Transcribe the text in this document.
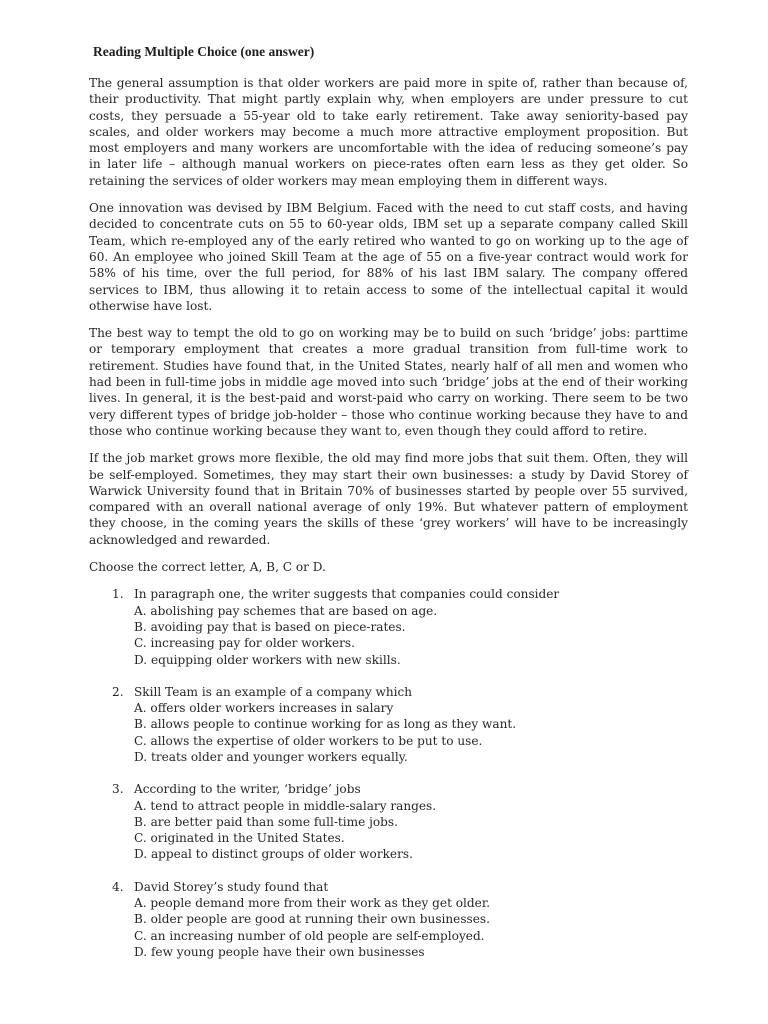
Reading Multiple Choice (one answer)

The general assumption is that older workers are paid more in spite of, rather than because of, their productivity. That might partly explain why, when employers are under pressure to cut costs, they persuade a 55-year old to take early retirement. Take away seniority-based pay scales, and older workers may become a much more attractive employment proposition. But most employers and many workers are uncomfortable with the idea of reducing someone’s pay in later life – although manual workers on piece-rates often earn less as they get older. So retaining the services of older workers may mean employing them in different ways.

One innovation was devised by IBM Belgium. Faced with the need to cut staff costs, and having decided to concentrate cuts on 55 to 60-year olds, IBM set up a separate company called Skill Team, which re-employed any of the early retired who wanted to go on working up to the age of 60. An employee who joined Skill Team at the age of 55 on a five-year contract would work for 58% of his time, over the full period, for 88% of his last IBM salary. The company offered services to IBM, thus allowing it to retain access to some of the intellectual capital it would otherwise have lost.

The best way to tempt the old to go on working may be to build on such ‘bridge’ jobs: parttime or temporary employment that creates a more gradual transition from full-time work to retirement. Studies have found that, in the United States, nearly half of all men and women who had been in full-time jobs in middle age moved into such ‘bridge’ jobs at the end of their working lives. In general, it is the best-paid and worst-paid who carry on working. There seem to be two very different types of bridge job-holder – those who continue working because they have to and those who continue working because they want to, even though they could afford to retire.

If the job market grows more flexible, the old may find more jobs that suit them. Often, they will be self-employed. Sometimes, they may start their own businesses: a study by David Storey of Warwick University found that in Britain 70% of businesses started by people over 55 survived, compared with an overall national average of only 19%. But whatever pattern of employment they choose, in the coming years the skills of these ‘grey workers’ will have to be increasingly acknowledged and rewarded.

Choose the correct letter, A, B, C or D.

1. In paragraph one, the writer suggests that companies could consider
A. abolishing pay schemes that are based on age.
B. avoiding pay that is based on piece-rates.
C. increasing pay for older workers.
D. equipping older workers with new skills.
2. Skill Team is an example of a company which
A. offers older workers increases in salary
B. allows people to continue working for as long as they want.
C. allows the expertise of older workers to be put to use.
D. treats older and younger workers equally.
3. According to the writer, ‘bridge’ jobs
A. tend to attract people in middle-salary ranges.
B. are better paid than some full-time jobs.
C. originated in the United States.
D. appeal to distinct groups of older workers.
4. David Storey’s study found that
A. people demand more from their work as they get older.
B. older people are good at running their own businesses.
C. an increasing number of old people are self-employed.
D. few young people have their own businesses
